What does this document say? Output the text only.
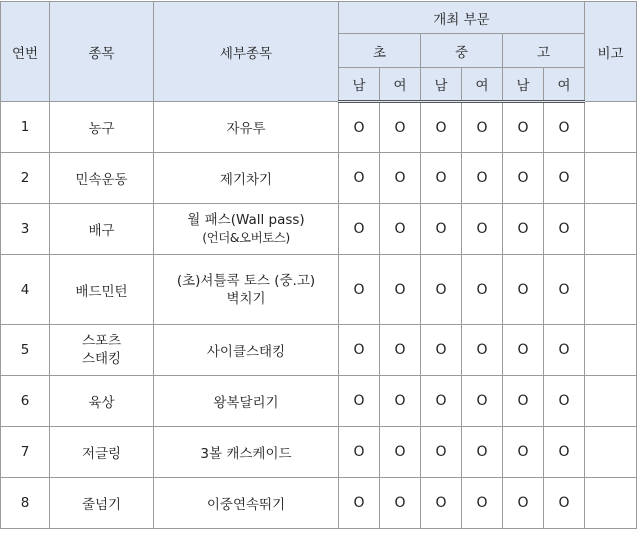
연번	종목	세부종목	개최 부문						비고
			초		중		고		
			남	여	남	여	남	여	
1	농구	자유투	O	O	O	O	O	O	
2	민속운동	제기차기	O	O	O	O	O	O	
3	배구	월 패스(Wall pass)
(언더&오버토스)	O	O	O	O	O	O	
4	배드민턴	(초)셔틀콕 토스 (중.고)
벽치기	O	O	O	O	O	O	
5	스포츠
스태킹	사이클스태킹	O	O	O	O	O	O	
6	육상	왕복달리기	O	O	O	O	O	O	
7	저글링	3볼 캐스케이드	O	O	O	O	O	O	
8	줄넘기	이중연속뛰기	O	O	O	O	O	O	
